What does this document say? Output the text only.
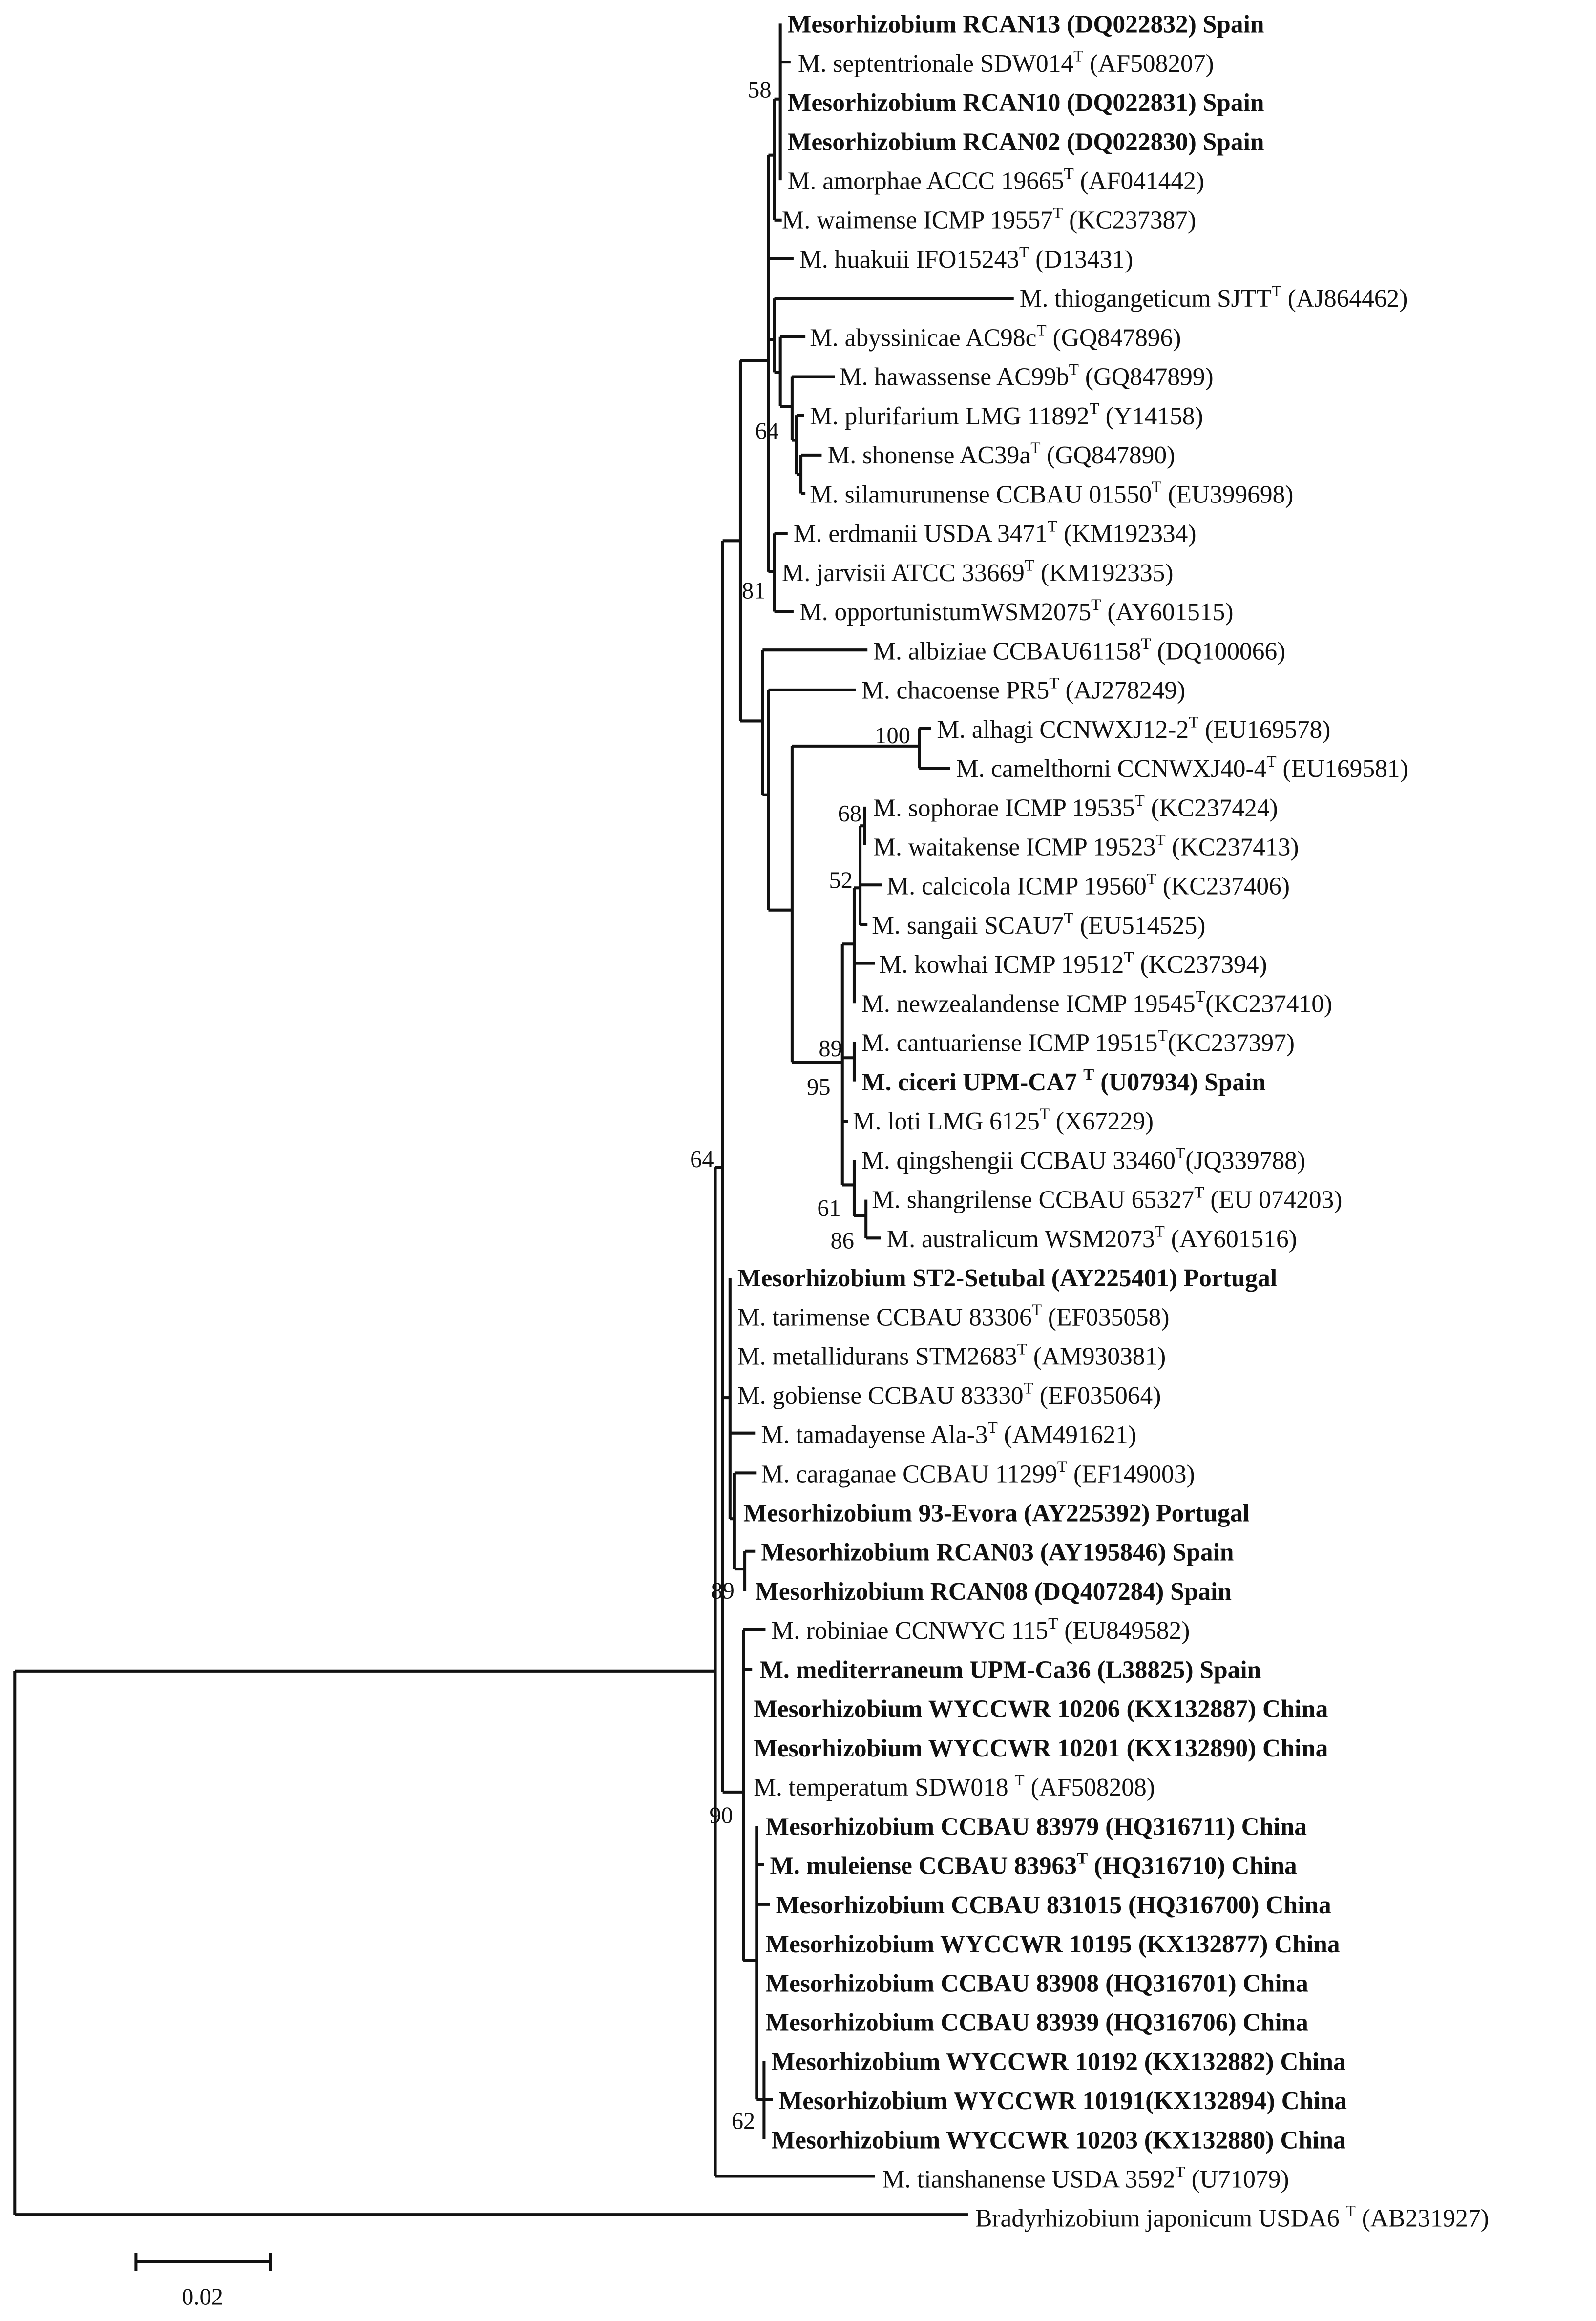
Mesorhizobium RCAN13 (DQ022832) Spain
M. septentrionale $SDW014^T$ (AF508207)
Mesorhizobium RCAN10 (DQ022831) Spain
Mesorhizobium RCAN02 (DQ022830) Spain
M. amorphae ACCC $19665^T$ (AF041442)
M. waimense ICMP $19557^T$ (KC237387)
M. huakuii $IFO15243^T$ (D13431)
M. thiogangeticum $SJTT^T$ (AJ864462)
M. abyssinicae $AC98c^T$ (GQ847896)
M. hawassense $AC99b^T$ (GQ847899)
M. plurifarium LMG $11892^T$ (Y14158)
M. shonense $AC39a^T$ (GQ847890)
M. silamurunense CCBAU $01550^T$ (EU399698)
M. erdmanii USDA $3471^T$ (KM192334)
M. jarvisii ATCC $33669^T$ (KM192335)
M. $opportunistumWSM2075^T$ (AY601515)
M. albiziae $CCBAU61158^T$ (DQ100066)
M. chacoense $PR5^T$ (AJ278249)
M. alhagi $CCNWXJ12-2^T$ (EU169578)
M. camelthorni $CCNWXJ40-4^T$ (EU169581)
M. sophorae ICMP $19535^T$ (KC237424)
M. waitakense ICMP $19523^T$ (KC237413)
M. calcicola ICMP $19560^T$ (KC237406)
M. sangaii $SCAU7^T$ (EU514525)
M. kowhai ICMP $19512^T$ (KC237394)
M. newzealandense ICMP $19545^T(KC237410)$
M. cantuariense ICMP $19515^T(KC237397)$
M. ciceri UPM-CA7 $^T$ (U07934) Spain
M. loti LMG $6125^T$ (X67229)
M. qingshengii CCBAU $33460^T(JQ339788)$
M. shangrilense CCBAU $65327^T$ (EU 074203)
M. australicum $WSM2073^T$ (AY601516)
Mesorhizobium ST2-Setubal (AY225401) Portugal
M. tarimense CCBAU $83306^T$ (EF035058)
M. metallidurans $STM2683^T$ (AM930381)
M. gobiense CCBAU $83330^T$ (EF035064)
M. tamadayense Ala-$3^T$ (AM491621)
M. caraganae CCBAU $11299^T$ (EF149003)
Mesorhizobium 93-Evora (AY225392) Portugal
Mesorhizobium RCAN03 (AY195846) Spain
Mesorhizobium RCAN08 (DQ407284) Spain
M. robiniae CCNWYC $115^T$ (EU849582)
M. mediterraneum UPM-Ca36 (L38825) Spain
Mesorhizobium WYCCWR 10206 (KX132887) China
Mesorhizobium WYCCWR 10201 (KX132890) China
M. temperatum SDW018 $^T$ (AF508208)
Mesorhizobium CCBAU 83979 (HQ316711) China
M. muleiense CCBAU $83963^T$ (HQ316710) China
Mesorhizobium CCBAU 831015 (HQ316700) China
Mesorhizobium WYCCWR 10195 (KX132877) China
Mesorhizobium CCBAU 83908 (HQ316701) China
Mesorhizobium CCBAU 83939 (HQ316706) China
Mesorhizobium WYCCWR 10192 (KX132882) China
Mesorhizobium WYCCWR 10191(KX132894) China
Mesorhizobium WYCCWR 10203 (KX132880) China
M. tianshanense USDA $3592^T$ (U71079)
Bradyrhizobium japonicum USDA6 $^T$ (AB231927)
58
64
81
100
68
52
89
95
61
86
64
89
90
62
0.02
